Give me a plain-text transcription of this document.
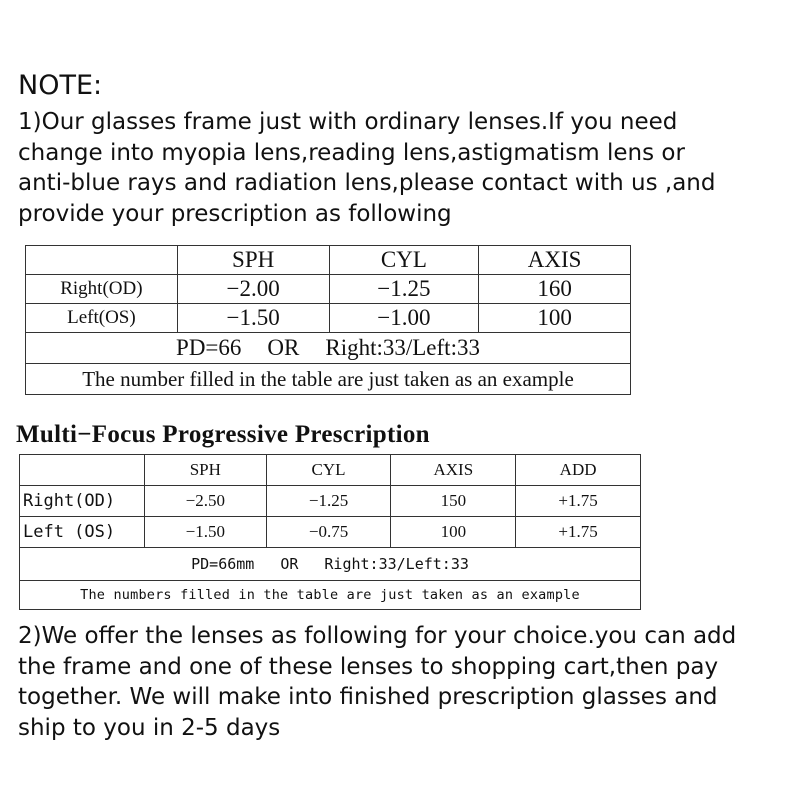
NOTE:
1)Our glasses frame just with ordinary lenses.If you need
change into myopia lens,reading lens,astigmatism lens or
anti-blue rays and radiation lens,please contact with us ,and
provide your prescription as following
	SPH	CYL	AXIS
Right(OD)	−2.00	−1.25	160
Left(OS)	−1.50	−1.00	100
PD=66 OR Right:33/Left:33			
The number filled in the table are just taken as an example			
Multi−Focus Progressive Prescription
	SPH	CYL	AXIS	ADD
Right(OD)	−2.50	−1.25	150	+1.75
Left (OS)	−1.50	−0.75	100	+1.75
PD=66mm OR Right:33/Left:33				
The numbers filled in the table are just taken as an example				
2)We offer the lenses as following for your choice.you can add
the frame and one of these lenses to shopping cart,then pay
together. We will make into finished prescription glasses and
ship to you in 2-5 days
